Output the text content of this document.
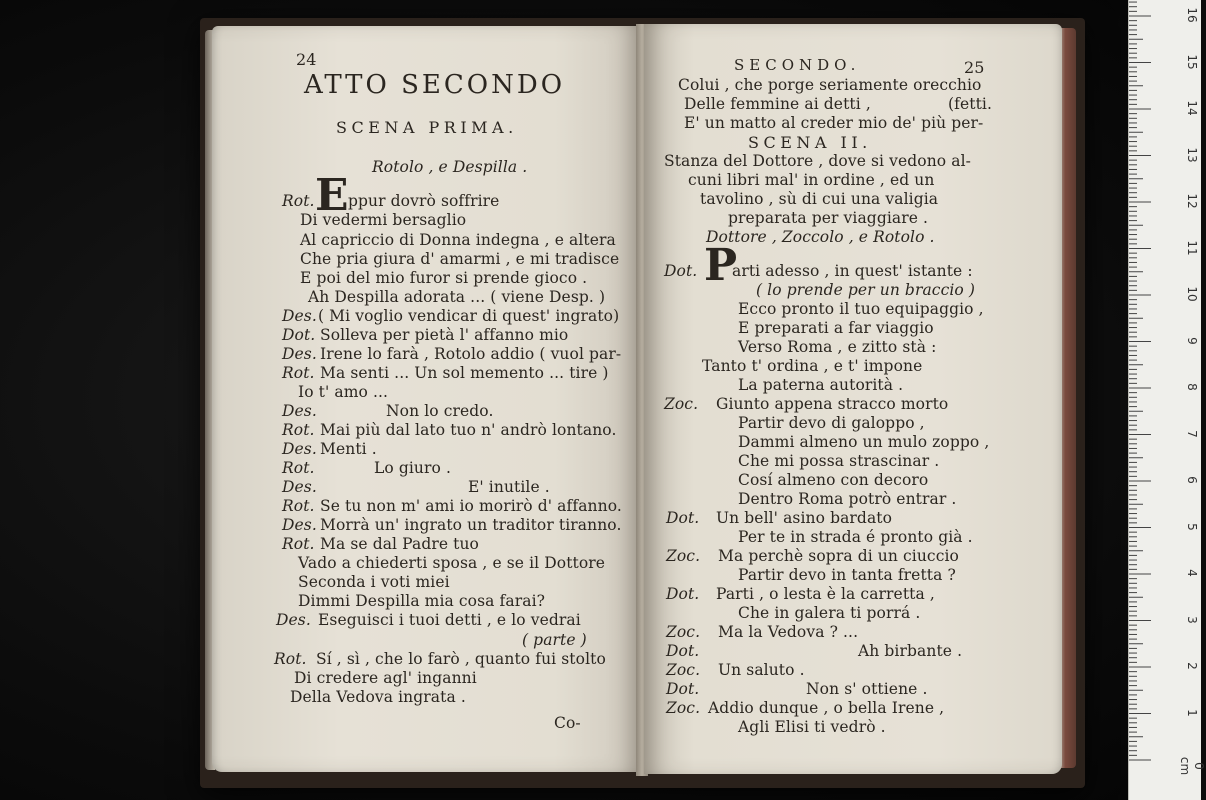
24
ATTO SECONDO
SCENA PRIMA.
Rotolo , e Despilla .
E
Rot. ppur dovrò soffrire
Di vedermi bersaglio
Al capriccio di Donna indegna , e altera
Che pria giura d' amarmi , e mi tradisce
E poi del mio furor si prende gioco .
Ah Despilla adorata ... ( viene Desp. )
Des. ( Mi voglio vendicar di quest' ingrato)
Dot. Solleva per pietà l' affanno mio
Des. Irene lo farà , Rotolo addio ( vuol par-
Rot. Ma senti ... Un sol memento ... tire )
Io t' amo ...
Des.	Non lo credo.
Rot. Mai più dal lato tuo n' andrò lontano.
Des. Menti .
Rot.	Lo giuro .
Des.	E' inutile .
Rot. Se tu non m' ami io morirò d' affanno.
Des. Morrà un' ingrato un traditor tiranno.
Rot. Ma se dal Padre tuo
Vado a chiederti sposa , e se il Dottore
Seconda i voti miei
Dimmi Despilla mia cosa farai?
Des. Eseguisci i tuoi detti , e lo vedrai
( parte )
Rot. Sí , sì , che lo farò , quanto fui stolto
Di credere agl' inganni
Della Vedova ingrata .
Co-
SECONDO.	25
Colui , che porge seriamente orecchio
Delle femmine ai detti ,	(fetti.
E' un matto al creder mio de' più per-
SCENA II.
Stanza del Dottore , dove si vedono al-
cuni libri mal' in ordine , ed un
tavolino , sù di cui una valigia
preparata per viaggiare .
Dottore , Zoccolo , e Rotolo .
P
Dot. arti adesso , in quest' istante :
( lo prende per un braccio )
Ecco pronto il tuo equipaggio ,
E preparati a far viaggio
Verso Roma , e zitto stà :
Tanto t' ordina , e t' impone
La paterna autorità .
Zoc. Giunto appena stracco morto
Partir devo di galoppo ,
Dammi almeno un mulo zoppo ,
Che mi possa strascinar .
Cosí almeno con decoro
Dentro Roma potrò entrar .
Dot. Un bell' asino bardato
Per te in strada é pronto già .
Zoc. Ma perchè sopra di un ciuccio
Partir devo in tanta fretta ?
Dot. Parti , o lesta è la carretta ,
Che in galera ti porrá .
Zoc. Ma la Vedova ? ...
Dot.	Ah birbante .
Zoc. Un saluto .
Dot.	Non s' ottiene .
Zoc. Addio dunque , o bella Irene ,
Agli Elisi ti vedrò .
0 cm
1
2
3
4
5
6
7
8
9
10
11
12
13
14
15
16
